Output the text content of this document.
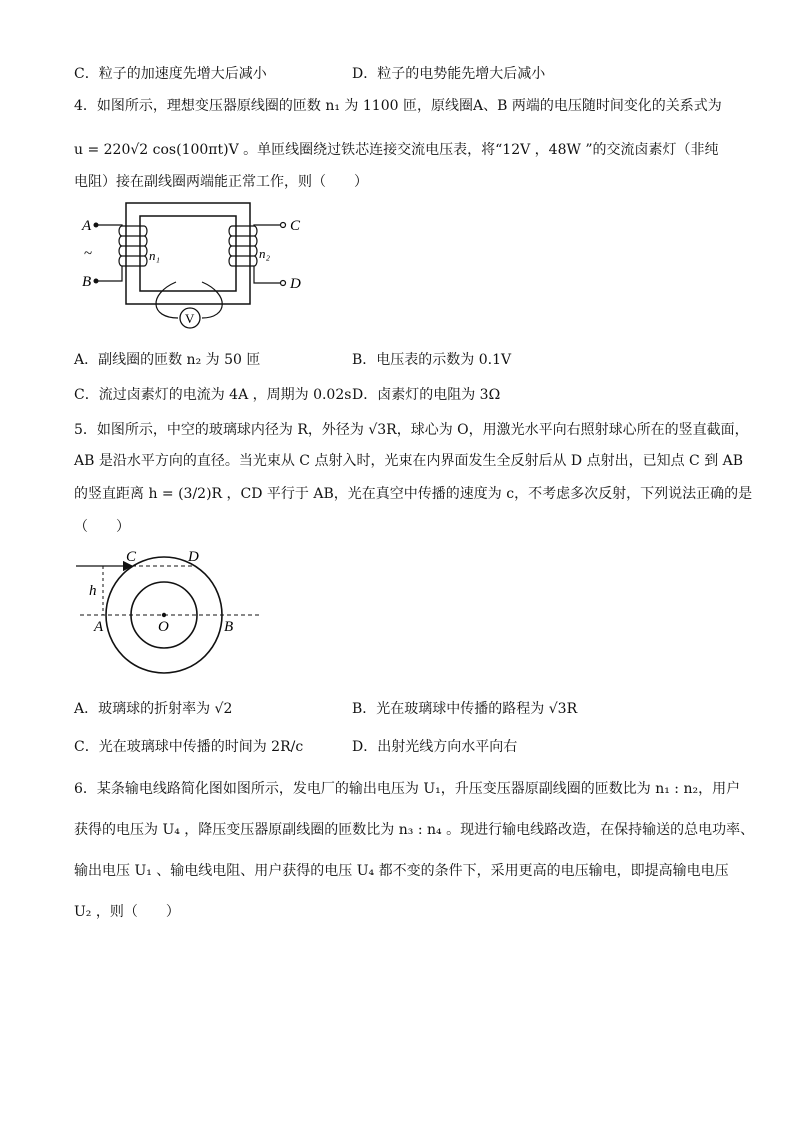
C．粒子的加速度先增大后减小	D．粒子的电势能先增大后减小
4．如图所示，理想变压器原线圈的匝数 n₁ 为 1100 匝，原线圈A、B 两端的电压随时间变化的关系式为
u = 220√2 cos(100πt)V 。单匝线圈绕过铁芯连接交流电压表，将“12V ，48W ”的交流卤素灯（非纯
电阻）接在副线圈两端能正常工作，则（　　）
A
~
B
C
D
n₁	n₂
V
A．副线圈的匝数 n₂ 为 50 匝	B．电压表的示数为 0.1V
C．流过卤素灯的电流为 4A ，周期为 0.02s D．卤素灯的电阻为 3Ω
5．如图所示，中空的玻璃球内径为 R，外径为 √3R，球心为 O，用激光水平向右照射球心所在的竖直截面，
AB 是沿水平方向的直径。当光束从 C 点射入时，光束在内界面发生全反射后从 D 点射出，已知点 C 到 AB
的竖直距离 h = (3/2)R ，CD 平行于 AB，光在真空中传播的速度为 c，不考虑多次反射，下列说法正确的是
（　　）
C	D
h
A	O	B
A．玻璃球的折射率为 √2	B．光在玻璃球中传播的路程为 √3R
C．光在玻璃球中传播的时间为 2R/c	D．出射光线方向水平向右
6．某条输电线路简化图如图所示，发电厂的输出电压为 U₁，升压变压器原副线圈的匝数比为 n₁ : n₂，用户
获得的电压为 U₄ ，降压变压器原副线圈的匝数比为 n₃ : n₄ 。现进行输电线路改造，在保持输送的总电功率、
输出电压 U₁ 、输电线电阻、用户获得的电压 U₄ 都不变的条件下，采用更高的电压输电，即提高输电电压
U₂ ，则（　　）
